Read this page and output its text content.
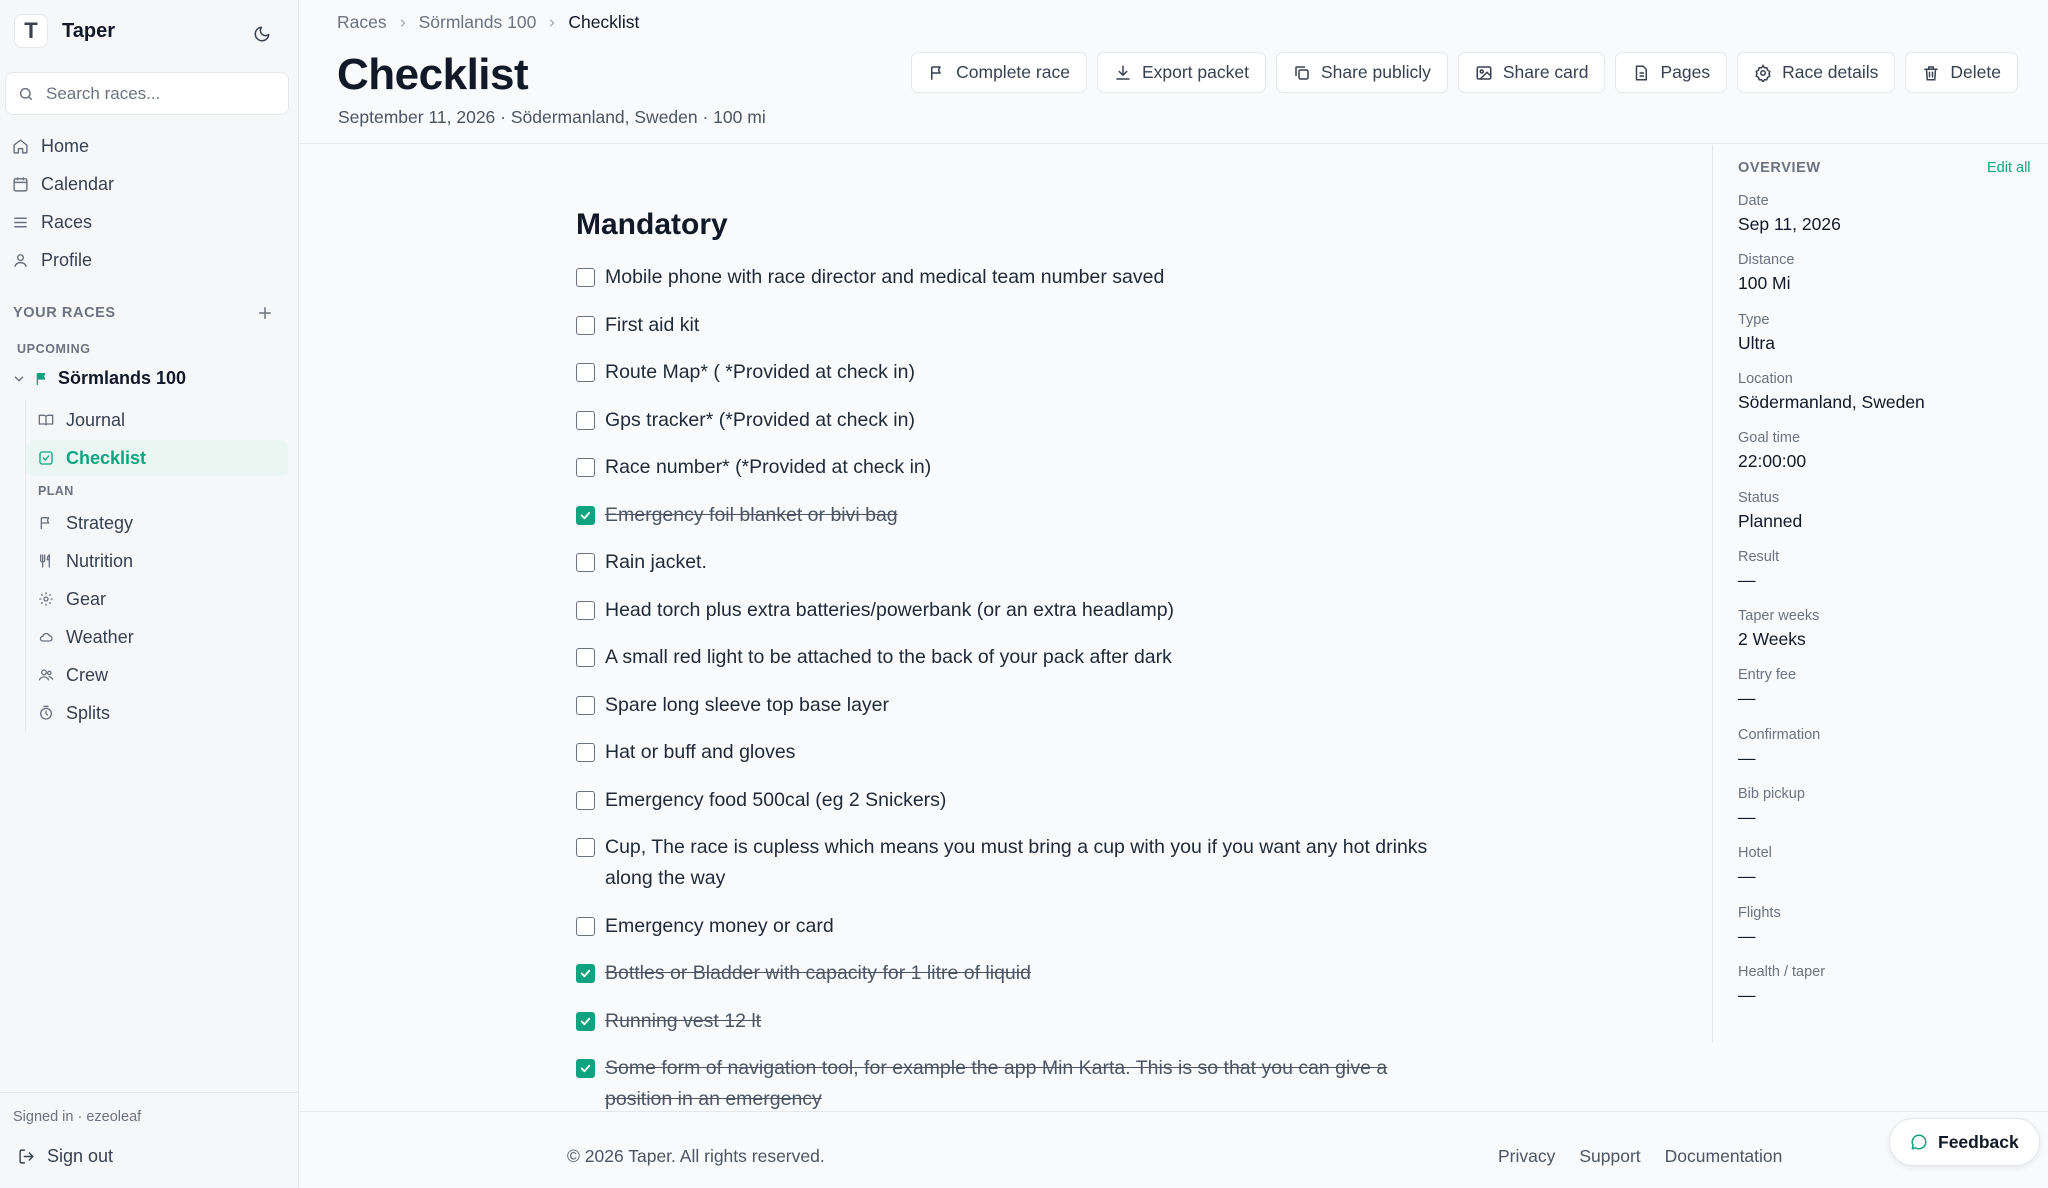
T	Taper
Search races...
Home
Calendar
Races
Profile
YOUR RACES
UPCOMING
Sörmlands 100
Journal
Checklist
PLAN
Strategy
Nutrition
Gear
Weather
Crew
Splits
Signed in · ezeoleaf
Sign out
Races Sörmlands 100 Checklist
Checklist
September 11, 2026 · Södermanland, Sweden · 100 mi
Complete race	Export packet	Share publicly	Share card	Pages	Race details	Delete
Mandatory
Mobile phone with race director and medical team number saved
First aid kit
Route Map* ( *Provided at check in)
Gps tracker* (*Provided at check in)
Race number* (*Provided at check in)
Emergency foil blanket or bivi bag
Rain jacket.
Head torch plus extra batteries/powerbank (or an extra headlamp)
A small red light to be attached to the back of your pack after dark
Spare long sleeve top base layer
Hat or buff and gloves
Emergency food 500cal (eg 2 Snickers)
Cup, The race is cupless which means you must bring a cup with you if you want any hot drinks along the way
Emergency money or card
Bottles or Bladder with capacity for 1 litre of liquid
Running vest 12 lt
Some form of navigation tool, for example the app Min Karta. This is so that you can give a position in an emergency
OVERVIEW	Edit all
Date
Sep 11, 2026
Distance
100 Mi
Type
Ultra
Location
Södermanland, Sweden
Goal time
22:00:00
Status
Planned
Result
—
Taper weeks
2 Weeks
Entry fee
—
Confirmation
—
Bib pickup
—
Hotel
—
Flights
—
Health / taper
—
© 2026 Taper. All rights reserved.	Privacy Support Documentation
Feedback
